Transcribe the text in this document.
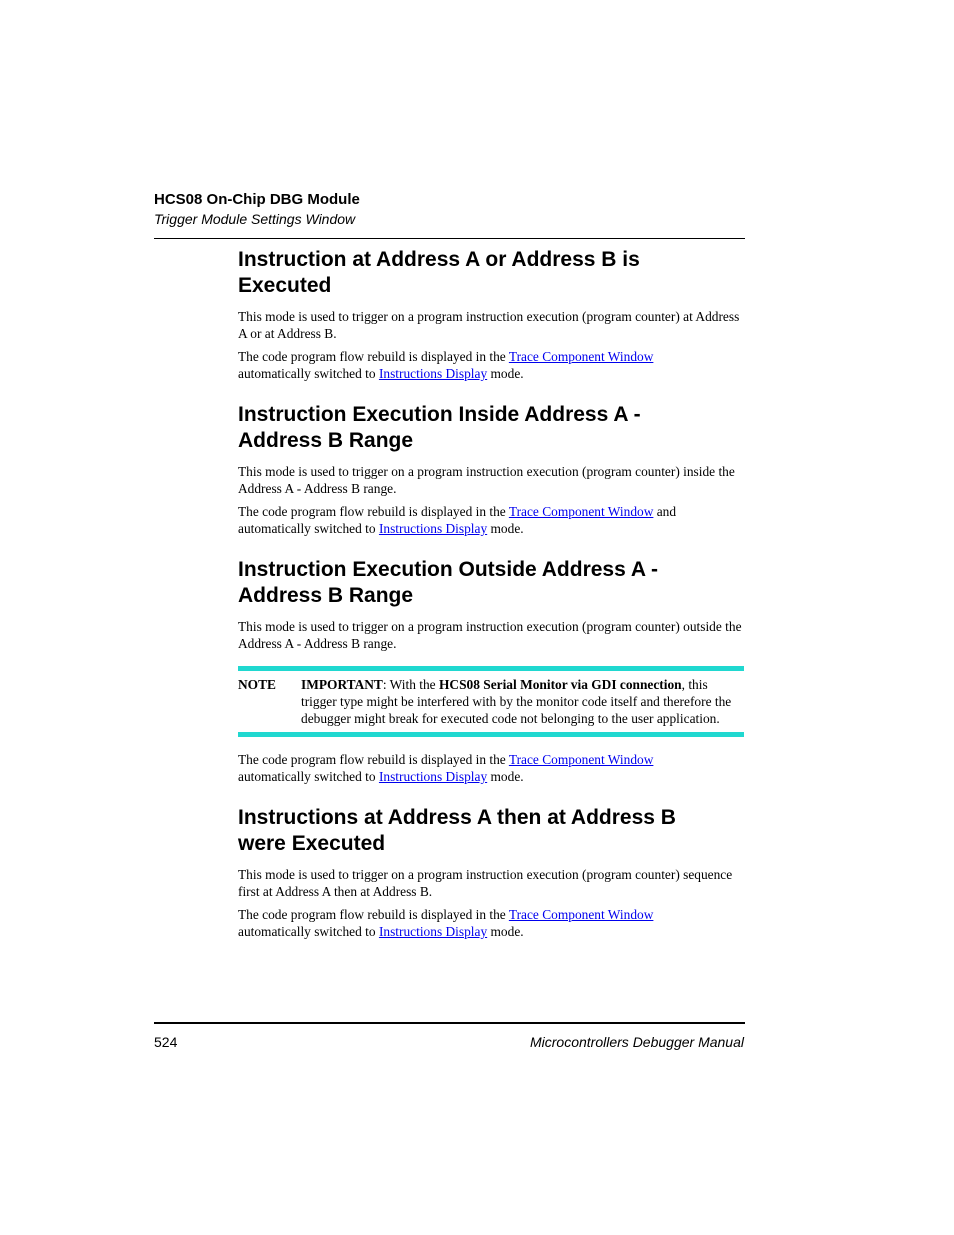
HCS08 On-Chip DBG Module
Trigger Module Settings Window
Instruction at Address A or Address B is
Executed

This mode is used to trigger on a program instruction execution (program counter) at Address A or at Address B.

The code program flow rebuild is displayed in the Trace Component Window
automatically switched to Instructions Display mode.

Instruction Execution Inside Address A -
Address B Range

This mode is used to trigger on a program instruction execution (program counter) inside the Address A - Address B range.

The code program flow rebuild is displayed in the Trace Component Window and automatically switched to Instructions Display mode.

Instruction Execution Outside Address A -
Address B Range

This mode is used to trigger on a program instruction execution (program counter) outside the Address A - Address B range.

NOTE	IMPORTANT: With the HCS08 Serial Monitor via GDI connection, this trigger type might be interfered with by the monitor code itself and therefore the debugger might break for executed code not belonging to the user application.

The code program flow rebuild is displayed in the Trace Component Window
automatically switched to Instructions Display mode.

Instructions at Address A then at Address B
were Executed

This mode is used to trigger on a program instruction execution (program counter) sequence first at Address A then at Address B.

The code program flow rebuild is displayed in the Trace Component Window
automatically switched to Instructions Display mode.

524	Microcontrollers Debugger Manual
